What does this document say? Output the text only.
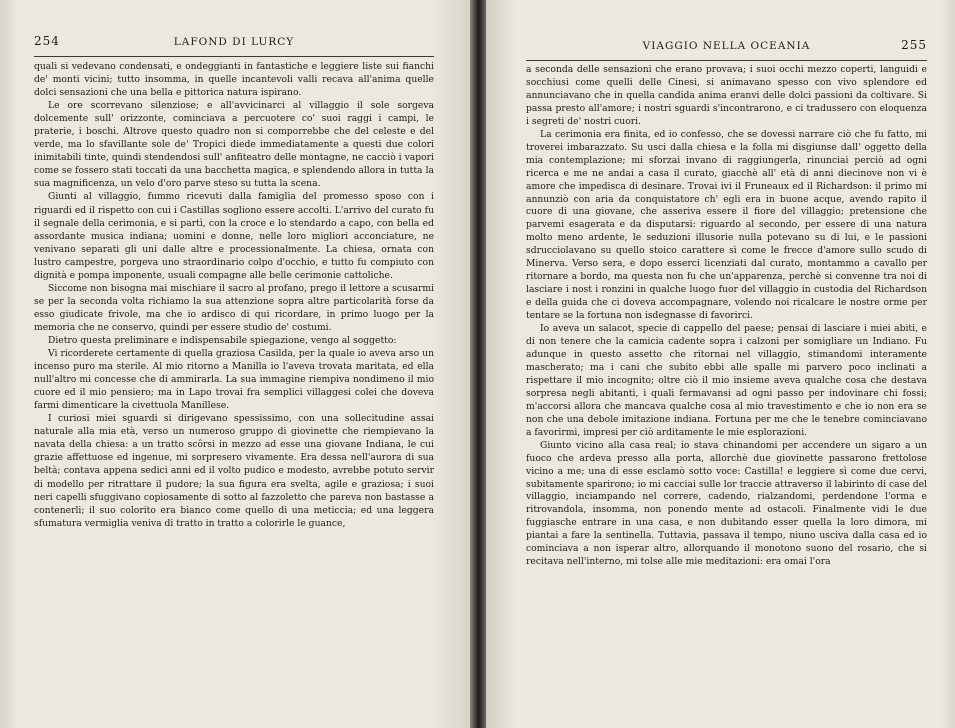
254	LAFOND DI LURCY

quali si vedevano condensati, e ondeggianti in fantastiche e leggiere liste sui fianchi de' monti vicini; tutto insomma, in quelle incantevoli valli recava all'anima quelle dolci sensazioni che una bella e pittorica natura ispirano.

Le ore scorrevano silenziose; e all'avvicinarci al villaggio il sole sorgeva dolcemente sull' orizzonte, cominciava a percuotere co' suoi raggi i campi, le praterie, i boschi. Altrove questo quadro non si comporrebbe che del celeste e del verde, ma lo sfavillante sole de' Tropici diede immediatamente a questi due colori inimitabili tinte, quindi stendendosi sull' anfiteatro delle montagne, ne cacciò i vapori come se fossero stati toccati da una bacchetta magica, e splendendo allora in tutta la sua magnificenza, un velo d'oro parve steso su tutta la scena.

Giunti al villaggio, fummo ricevuti dalla famiglia del promesso sposo con i riguardi ed il rispetto con cui i Castillas sogliono essere accolti. L'arrivo del curato fu il segnale della cerimonia, e si partì, con la croce e lo stendardo a capo, con bella ed assordante musica indiana; uomini e donne, nelle loro migliori acconciature, ne venivano separati gli uni dalle altre e processionalmente. La chiesa, ornata con lustro campestre, porgeva uno straordinario colpo d'occhio, e tutto fu compiuto con dignità e pompa imponente, usuali compagne alle belle cerimonie cattoliche.

Siccome non bisogna mai mischiare il sacro al profano, prego il lettore a scusarmi se per la seconda volta richiamo la sua attenzione sopra altre particolarità forse da esso giudicate frivole, ma che io ardisco di qui ricordare, in primo luogo per la memoria che ne conservo, quindi per essere studio de' costumi.

Dietro questa preliminare e indispensabile spiegazione, vengo al soggetto:

Vi ricorderete certamente di quella graziosa Casilda, per la quale io aveva arso un incenso puro ma sterile. Al mio ritorno a Manilla io l'aveva trovata maritata, ed ella null'altro mi concesse che di ammirarla. La sua immagine riempiva nondimeno il mio cuore ed il mio pensiero; ma in Lapo trovai fra semplici villaggesi colei che doveva farmi dimenticare la civettuola Manillese.

I curiosi miei sguardi si dirigevano spessissimo, con una sollecitudine assai naturale alla mia età, verso un numeroso gruppo di giovinette che riempievano la navata della chiesa: a un tratto scôrsi in mezzo ad esse una giovane Indiana, le cui grazie affettuose ed ingenue, mi sorpresero vivamente. Era dessa nell'aurora di sua beltà; contava appena sedici anni ed il volto pudico e modesto, avrebbe potuto servir di modello per ritrattare il pudore; la sua figura era svelta, agile e graziosa; i suoi neri capelli sfuggivano copiosamente di sotto al fazzoletto che pareva non bastasse a contenerli; il suo colorito era bianco come quello di una meticcia; ed una leggera sfumatura vermiglia veniva di tratto in tratto a colorirle le guance,

VIAGGIO NELLA OCEANIA	255

a seconda delle sensazioni che erano provava; i suoi occhi mezzo coperti, languidi e socchiusi come quelli delle Cinesi, si animavano spesso con vivo splendore ed annunciavano che in quella candida anima eranvi delle dolci passioni da coltivare. Si passa presto all'amore; i nostri sguardi s'incontrarono, e ci tradussero con eloquenza i segreti de' nostri cuori.

La cerimonia era finita, ed io confesso, che se dovessi narrare ciò che fu fatto, mi troverei imbarazzato. Su usci dalla chiesa e la folla mi disgiunse dall' oggetto della mia contemplazione; mi sforzai invano di raggiungerla, rinunciai perciò ad ogni ricerca e me ne andai a casa il curato, giacchè all' età di anni diecinove non vi è amore che impedisca di desinare. Trovai ivi il Fruneaux ed il Richardson: il primo mi annunziò con aria da conquistatore ch' egli era in buone acque, avendo rapito il cuore di una giovane, che asseriva essere il fiore del villaggio; pretensione che parvemi esagerata e da disputarsi: riguardo al secondo, per essere di una natura molto meno ardente, le seduzioni illusorie nulla potevano su di lui, e le passioni sdrucciolavano su quello stoico carattere sì come le frecce d'amore sullo scudo di Minerva. Verso sera, e dopo esserci licenziati dal curato, montammo a cavallo per ritornare a bordo, ma questa non fu che un'apparenza, perchè si convenne tra noi di lasciare i nost i ronzini in qualche luogo fuor del villaggio in custodia del Richardson e della guida che ci doveva accompagnare, volendo noi ricalcare le nostre orme per tentare se la fortuna non isdegnasse di favorirci.

Io aveva un salacot, specie di cappello del paese; pensai di lasciare i miei abiti, e di non tenere che la camicia cadente sopra i calzoni per somigliare un Indiano. Fu adunque in questo assetto che ritornai nel villaggio, stimandomi interamente mascherato; ma i cani che subito ebbi alle spalle mi parvero poco inclinati a rispettare il mio incognito; oltre ciò il mio insieme aveva qualche cosa che destava sorpresa negli abitanti, i quali fermavansi ad ogni passo per indovinare chi fossi; m'accorsi allora che mancava qualche cosa al mio travestimento e che io non era se non che una debole imitazione indiana. Fortuna per me che le tenebre cominciavano a favorirmi, impresi per ciò arditamente le mie esplorazioni.

Giunto vicino alla casa real; io stava chinandomi per accendere un sigaro a un fuoco che ardeva presso alla porta, allorchè due giovinette passarono frettolose vicino a me; una di esse esclamò sotto voce: Castilla! e leggiere sì come due cervi, subitamente sparirono; io mi cacciai sulle lor traccie attraverso il labirinto di case del villaggio, inciampando nel correre, cadendo, rialzandomi, perdendone l'orma e ritrovandola, insomma, non ponendo mente ad ostacoli. Finalmente vidi le due fuggiasche entrare in una casa, e non dubitando esser quella la loro dimora, mi piantai a fare la sentinella. Tuttavia, passava il tempo, niuno usciva dalla casa ed io cominciava a non isperar altro, allorquando il monotono suono del rosario, che si recitava nell'interno, mi tolse alle mie meditazioni: era omai l'ora
